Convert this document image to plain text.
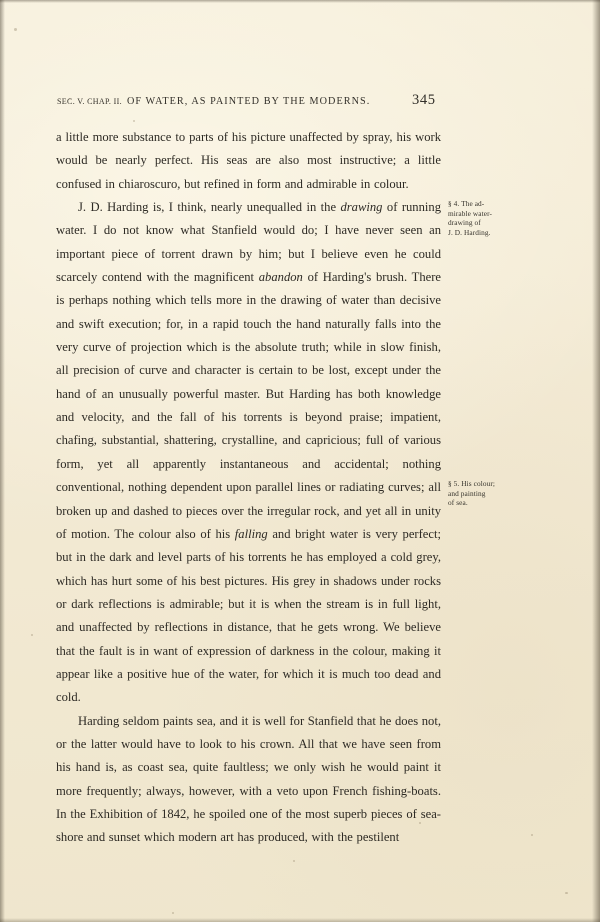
SEC. V. CHAP. II. OF WATER, AS PAINTED BY THE MODERNS.	345

a little more substance to parts of his picture unaffected by spray, his work would be nearly perfect. His seas are also most instructive; a little confused in chiaroscuro, but refined in form and admirable in colour.

J. D. Harding is, I think, nearly unequalled in the drawing of running water. I do not know what Stanfield would do; I have never seen an important piece of torrent drawn by him; but I believe even he could scarcely contend with the magnificent abandon of Harding's brush. There is perhaps nothing which tells more in the drawing of water than decisive and swift execution; for, in a rapid touch the hand naturally falls into the very curve of projection which is the absolute truth; while in slow finish, all precision of curve and character is certain to be lost, except under the hand of an unusually powerful master. But Harding has both knowledge and velocity, and the fall of his torrents is beyond praise; impatient, chafing, substantial, shattering, crystalline, and capricious; full of various form, yet all apparently instantaneous and accidental; nothing conventional, nothing dependent upon parallel lines or radiating curves; all broken up and dashed to pieces over the irregular rock, and yet all in unity of motion. The colour also of his falling and bright water is very perfect; but in the dark and level parts of his torrents he has employed a cold grey, which has hurt some of his best pictures. His grey in shadows under rocks or dark reflections is admirable; but it is when the stream is in full light, and unaffected by reflections in distance, that he gets wrong. We believe that the fault is in want of expression of darkness in the colour, making it appear like a positive hue of the water, for which it is much too dead and cold.

Harding seldom paints sea, and it is well for Stanfield that he does not, or the latter would have to look to his crown. All that we have seen from his hand is, as coast sea, quite faultless; we only wish he would paint it more frequently; always, however, with a veto upon French fishing-boats. In the Exhibition of 1842, he spoiled one of the most superb pieces of sea-shore and sunset which modern art has produced, with the pestilent

§ 4. The ad-
mirable water-
drawing of
J. D. Harding.
§ 5. His colour;
and painting
of sea.
